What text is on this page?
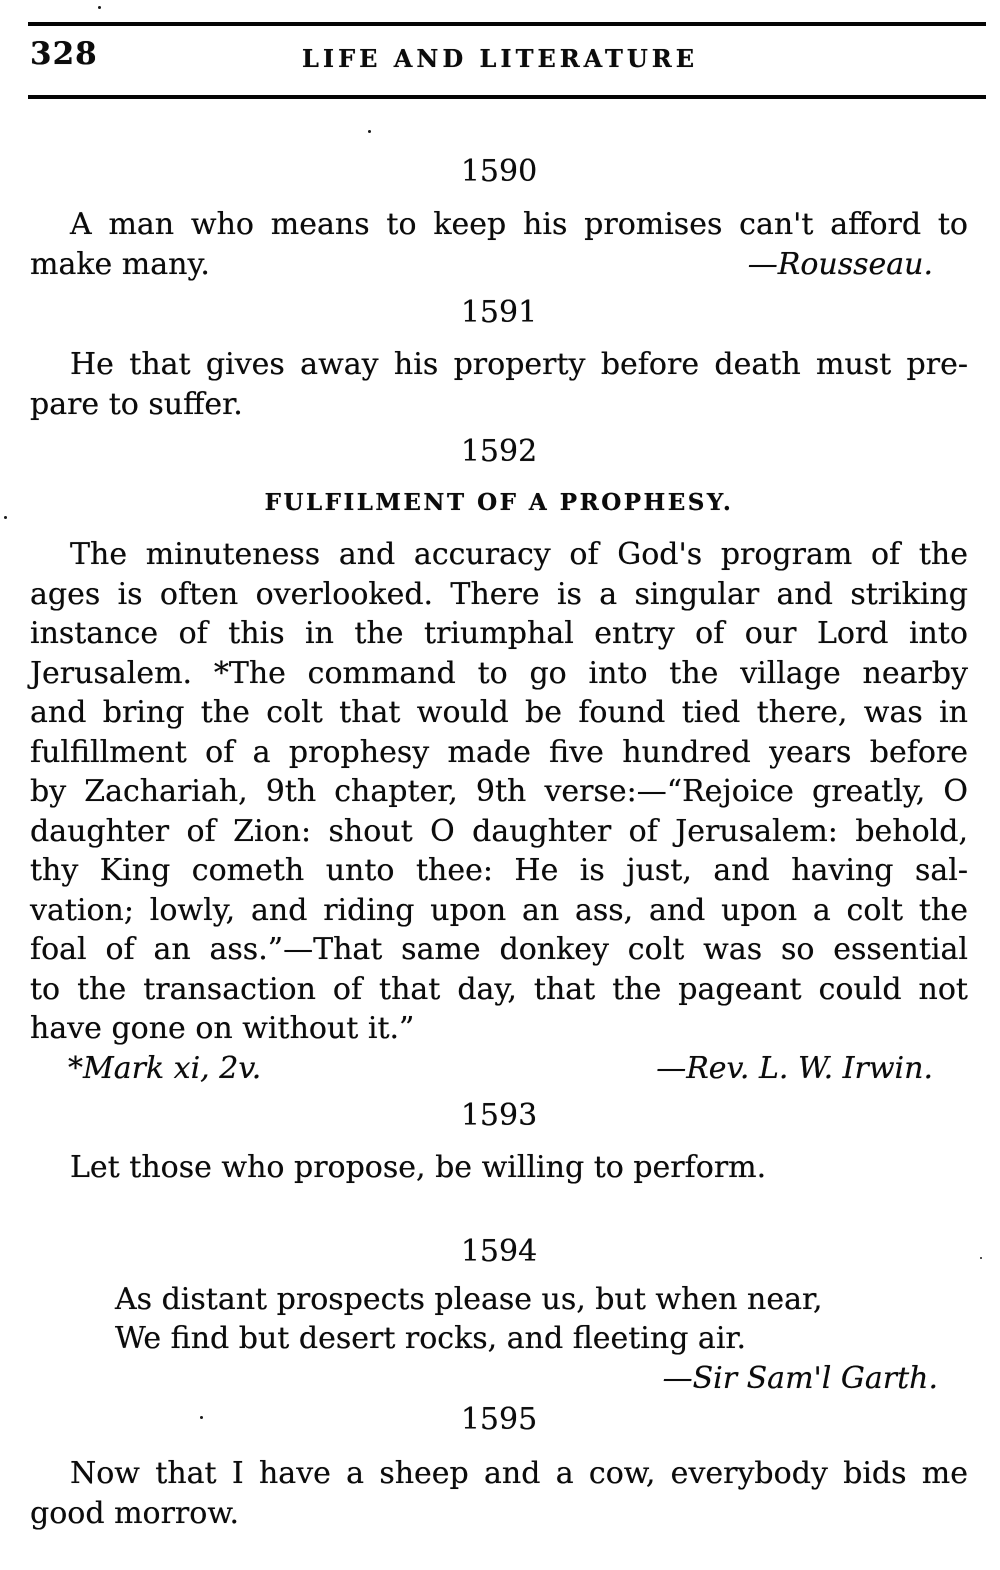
328	LIFE AND LITERATURE
1590
A man who means to keep his promises can't afford to
make many.	—Rousseau.
1591
He that gives away his property before death must pre-
pare to suffer.
1592
FULFILMENT OF A PROPHESY.
The minuteness and accuracy of God's program of the
ages is often overlooked. There is a singular and striking
instance of this in the triumphal entry of our Lord into
Jerusalem. *The command to go into the village nearby
and bring the colt that would be found tied there, was in
fulfillment of a prophesy made five hundred years before
by Zachariah, 9th chapter, 9th verse:—“Rejoice greatly, O
daughter of Zion: shout O daughter of Jerusalem: behold,
thy King cometh unto thee: He is just, and having sal-
vation; lowly, and riding upon an ass, and upon a colt the
foal of an ass.”—That same donkey colt was so essential
to the transaction of that day, that the pageant could not
have gone on without it.”
*Mark xi, 2v.	—Rev. L. W. Irwin.
1593
Let those who propose, be willing to perform.
1594
As distant prospects please us, but when near,
We find but desert rocks, and fleeting air.
—Sir Sam'l Garth.
1595
Now that I have a sheep and a cow, everybody bids me
good morrow.
